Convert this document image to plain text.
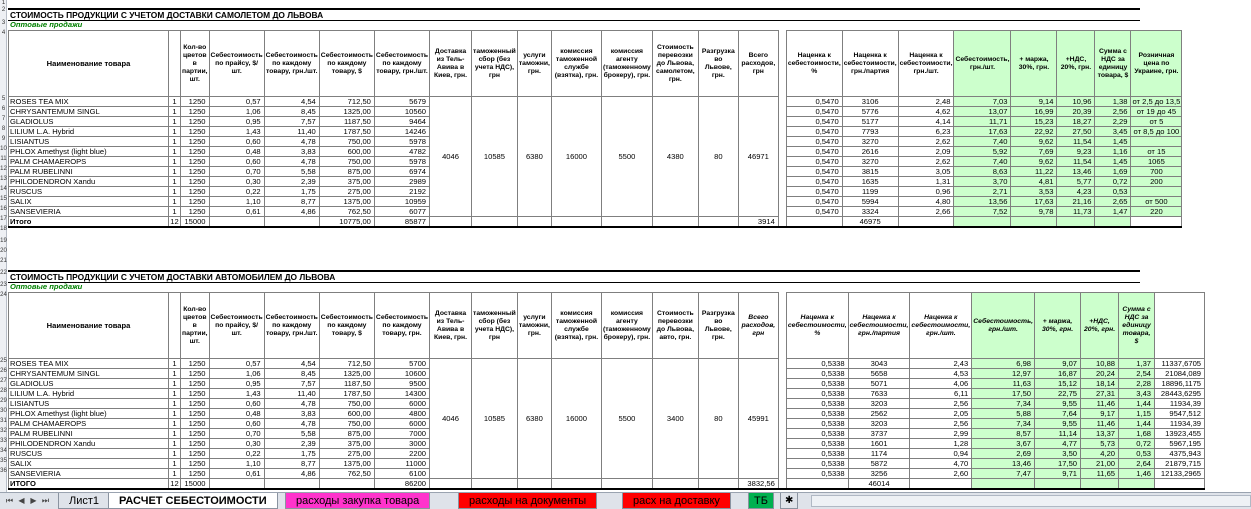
1
2
3
4
5
6
7
8
9
10
11
12
13
14
15
16
17
18
19
20
21
22
23
24
25
26
27
28
29
30
31
32
33
34
35
36
СТОИМОСТЬ ПРОДУКЦИИ С УЧЕТОМ ДОСТАВКИ САМОЛЕТОМ ДО ЛЬВОВА
Оптовые продажи
Наименование товара		Кол-во цветов в партии, шт.	Себестоимость по прайсу, $/шт.	Себестоимость по каждому товару, грн./шт.	Себестоимость по каждому товару, $	Себестоимость по каждому товару, грн./шт.	Доставка из Тель-Авива в Киев, грн.	таможенный сбор (без учета НДС), грн	услуги таможни, грн.	комиссия таможенной службе (взятка), грн.	комиссия агенту (таможенному брокеру), грн.	Стоимость перевозки до Львова, самолетом, грн.	Разгрузка во Львове, грн.	Всего расходов, грн		Наценка к себестоимости, %	Наценка к себестоимости, грн./партия	Наценка к себестоимости, грн./шт.	Себестоимость, грн./шт.	+ маржа, 30%, грн.	+НДС, 20%, грн.	Сумма с НДС за единицу товара, $	Розничная цена по Украине, грн.
ROSES TEA MIX	1	1250	0,57	4,54	712,50	5679	4046	10585	6380	16000	5500	4380	80	46971		0,5470	3106	2,48	7,03	9,14	10,96	1,38	от 2,5 до 13,5
CHRYSANTEMUM SINGL	1	1250	1,06	8,45	1325,00	10560										0,5470	5776	4,62	13,07	16,99	20,39	2,56	от 19 до 45
GLADIOLUS	1	1250	0,95	7,57	1187,50	9464										0,5470	5177	4,14	11,71	15,23	18,27	2,29	от 5
LILIUM L.A. Hybrid	1	1250	1,43	11,40	1787,50	14246										0,5470	7793	6,23	17,63	22,92	27,50	3,45	от 8,5 до 100
LISIANTUS	1	1250	0,60	4,78	750,00	5978										0,5470	3270	2,62	7,40	9,62	11,54	1,45	
PHLOX Amethyst (light blue)	1	1250	0,48	3,83	600,00	4782										0,5470	2616	2,09	5,92	7,69	9,23	1,16	от 15
PALM CHAMAEROPS	1	1250	0,60	4,78	750,00	5978										0,5470	3270	2,62	7,40	9,62	11,54	1,45	1065
PALM RUBELINNI	1	1250	0,70	5,58	875,00	6974										0,5470	3815	3,05	8,63	11,22	13,46	1,69	700
PHILODENDRON Xandu	1	1250	0,30	2,39	375,00	2989										0,5470	1635	1,31	3,70	4,81	5,77	0,72	200
RUSCUS	1	1250	0,22	1,75	275,00	2192										0,5470	1199	0,96	2,71	3,53	4,23	0,53	
SALIX	1	1250	1,10	8,77	1375,00	10959										0,5470	5994	4,80	13,56	17,63	21,16	2,65	от 500
SANSEVIERIA	1	1250	0,61	4,86	762,50	6077										0,5470	3324	2,66	7,52	9,78	11,73	1,47	220
Итого	12	15000			10775,00	85877								3914			46975						
СТОИМОСТЬ ПРОДУКЦИИ С УЧЕТОМ ДОСТАВКИ АВТОМОБИЛЕМ ДО ЛЬВОВА
Оптовые продажи
Наименование товара		Кол-во цветов в партии, шт.	Себестоимость по прайсу, $/шт.	Себестоимость по каждому товару, грн./шт.	Себестоимость по каждому товару, $	Себестоимость по каждому товару, грн.	Доставка из Тель-Авива в Киев, грн.	таможенный сбор (без учета НДС), грн	услуги таможни, грн.	комиссия таможенной службе (взятка), грн.	комиссия агенту (таможенному брокеру), грн.	Стоимость перевозки до Львова, авто, грн.	Разгрузка во Львове, грн.	Всего расходов, грн		Наценка к себестоимости, %	Наценка к себестоимости, грн./партия	Наценка к себестоимости, грн./шт.	Себестоимость, грн./шт.	+ маржа, 30%, грн.	+НДС, 20%, грн.	Сумма с НДС за единицу товара, $	
ROSES TEA MIX	1	1250	0,57	4,54	712,50	5700	4046	10585	6380	16000	5500	3400	80	45991		0,5338	3043	2,43	6,98	9,07	10,88	1,37	11337,6705
CHRYSANTEMUM SINGL	1	1250	1,06	8,45	1325,00	10600										0,5338	5658	4,53	12,97	16,87	20,24	2,54	21084,089
GLADIOLUS	1	1250	0,95	7,57	1187,50	9500										0,5338	5071	4,06	11,63	15,12	18,14	2,28	18896,1175
LILIUM L.A. Hybrid	1	1250	1,43	11,40	1787,50	14300										0,5338	7633	6,11	17,50	22,75	27,31	3,43	28443,6295
LISIANTUS	1	1250	0,60	4,78	750,00	6000										0,5338	3203	2,56	7,34	9,55	11,46	1,44	11934,39
PHLOX Amethyst (light blue)	1	1250	0,48	3,83	600,00	4800										0,5338	2562	2,05	5,88	7,64	9,17	1,15	9547,512
PALM CHAMAEROPS	1	1250	0,60	4,78	750,00	6000										0,5338	3203	2,56	7,34	9,55	11,46	1,44	11934,39
PALM RUBELINNI	1	1250	0,70	5,58	875,00	7000										0,5338	3737	2,99	8,57	11,14	13,37	1,68	13923,455
PHILODENDRON Xandu	1	1250	0,30	2,39	375,00	3000										0,5338	1601	1,28	3,67	4,77	5,73	0,72	5967,195
RUSCUS	1	1250	0,22	1,75	275,00	2200										0,5338	1174	0,94	2,69	3,50	4,20	0,53	4375,943
SALIX	1	1250	1,10	8,77	1375,00	11000										0,5338	5872	4,70	13,46	17,50	21,00	2,64	21879,715
SANSEVIERIA	1	1250	0,61	4,86	762,50	6100										0,5338	3256	2,60	7,47	9,71	11,65	1,46	12133,2965
ИТОГО	12	15000				86200								3832,56			46014						
⏮ ◀ ▶ ⏭	Лист1	РАСЧЕТ СЕБЕСТОИМОСТИ	расходы закупка товара	расходы на документы	расх на доставку	ТБ	✱
